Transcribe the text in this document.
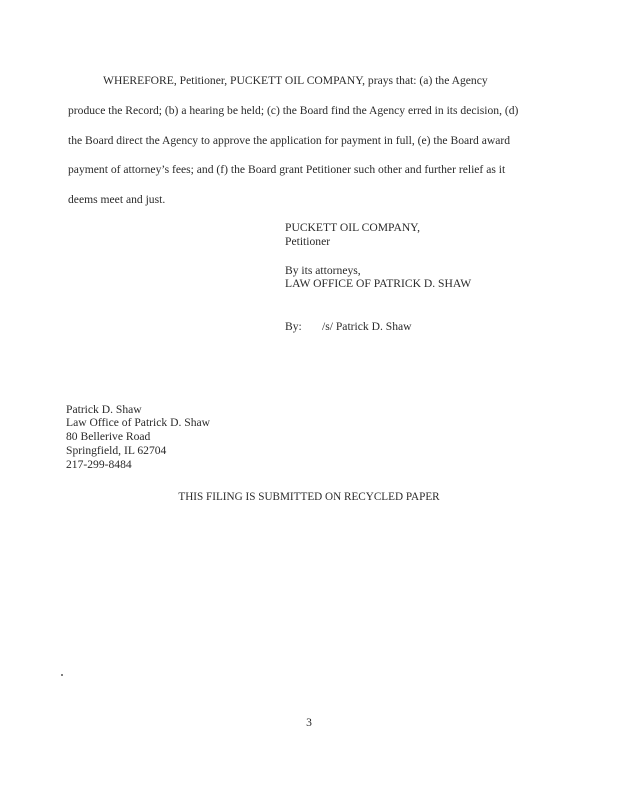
WHEREFORE, Petitioner, PUCKETT OIL COMPANY, prays that: (a) the Agency
produce the Record; (b) a hearing be held; (c) the Board find the Agency erred in its decision, (d)
the Board direct the Agency to approve the application for payment in full, (e) the Board award
payment of attorney’s fees; and (f) the Board grant Petitioner such other and further relief as it
deems meet and just.
PUCKETT OIL COMPANY,
Petitioner
By its attorneys,
LAW OFFICE OF PATRICK D. SHAW
By: /s/ Patrick D. Shaw
Patrick D. Shaw
Law Office of Patrick D. Shaw
80 Bellerive Road
Springfield, IL 62704
217-299-8484
THIS FILING IS SUBMITTED ON RECYCLED PAPER
3
